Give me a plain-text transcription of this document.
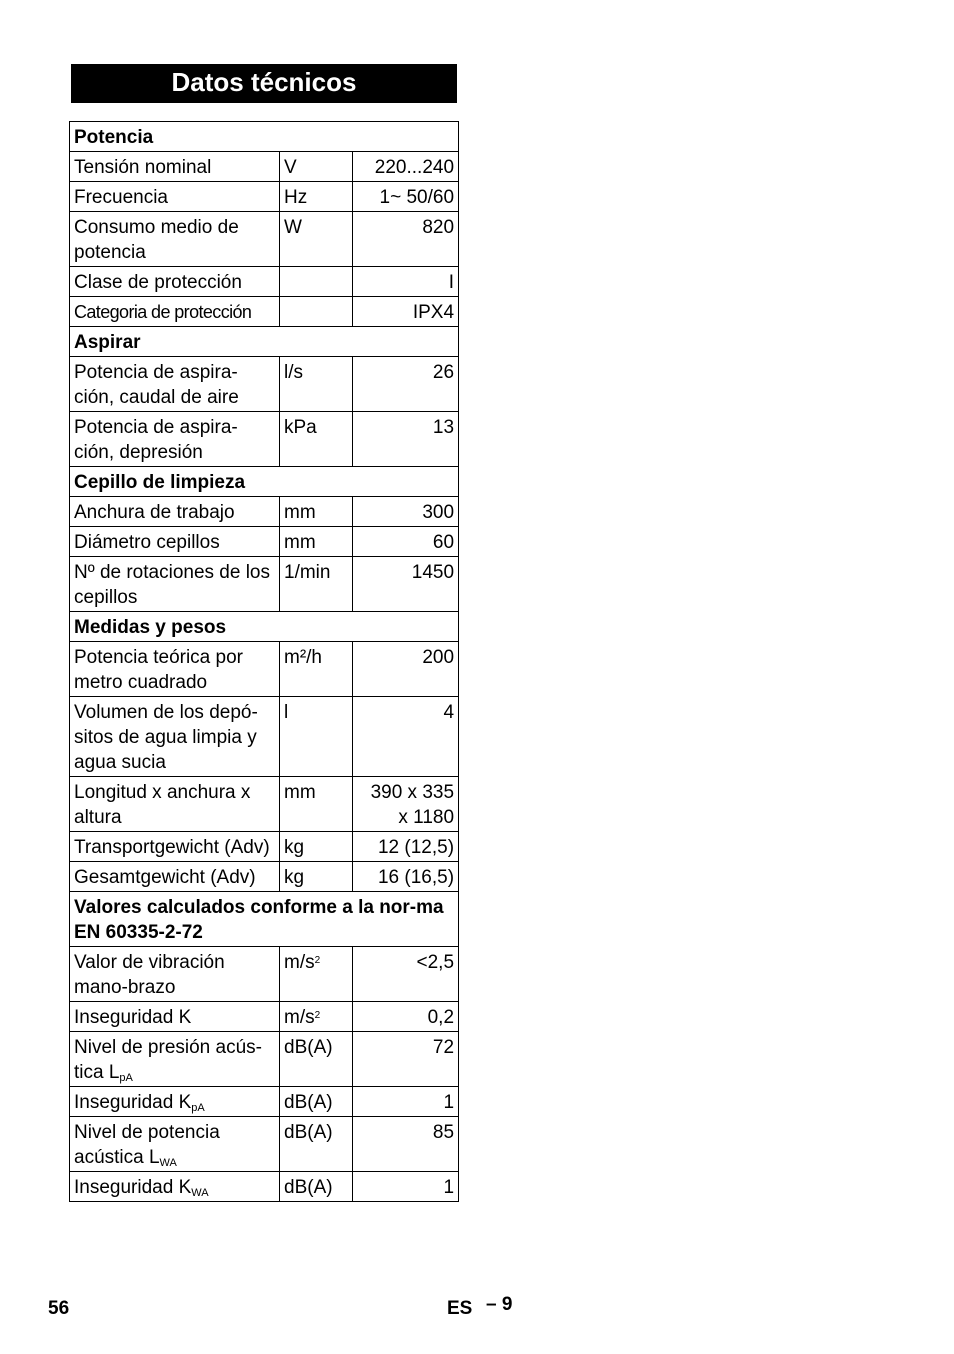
Datos técnicos
Potencia		
Tensión nominal	V	220...240
Frecuencia	Hz	1~ 50/60
Consumo medio de potencia	W	820
Clase de protección		I
Categoria de protección		IPX4
Aspirar		
Potencia de aspira-ción, caudal de aire	l/s	26
Potencia de aspira-ción, depresión	kPa	13
Cepillo de limpieza		
Anchura de trabajo	mm	300
Diámetro cepillos	mm	60
Nº de rotaciones de los cepillos	1/min	1450
Medidas y pesos		
Potencia teórica por metro cuadrado	m²/h	200
Volumen de los depó-sitos de agua limpia y agua sucia	l	4
Longitud x anchura x altura	mm	390 x 335 x 1180
Transportgewicht (Adv)	kg	12 (12,5)
Gesamtgewicht (Adv)	kg	16 (16,5)
Valores calculados conforme a la nor-ma EN 60335-2-72		
Valor de vibración mano-brazo	$m/s^2$	<2,5
Inseguridad K	$m/s^2$	0,2
Nivel de presión acús-tica $L_{pA}$	dB(A)	72
Inseguridad $K_{pA}$	dB(A)	1
Nivel de potencia acústica $L_{WA}$	dB(A)	85
Inseguridad $K_{WA}$	dB(A)	1
56	ES – 9
